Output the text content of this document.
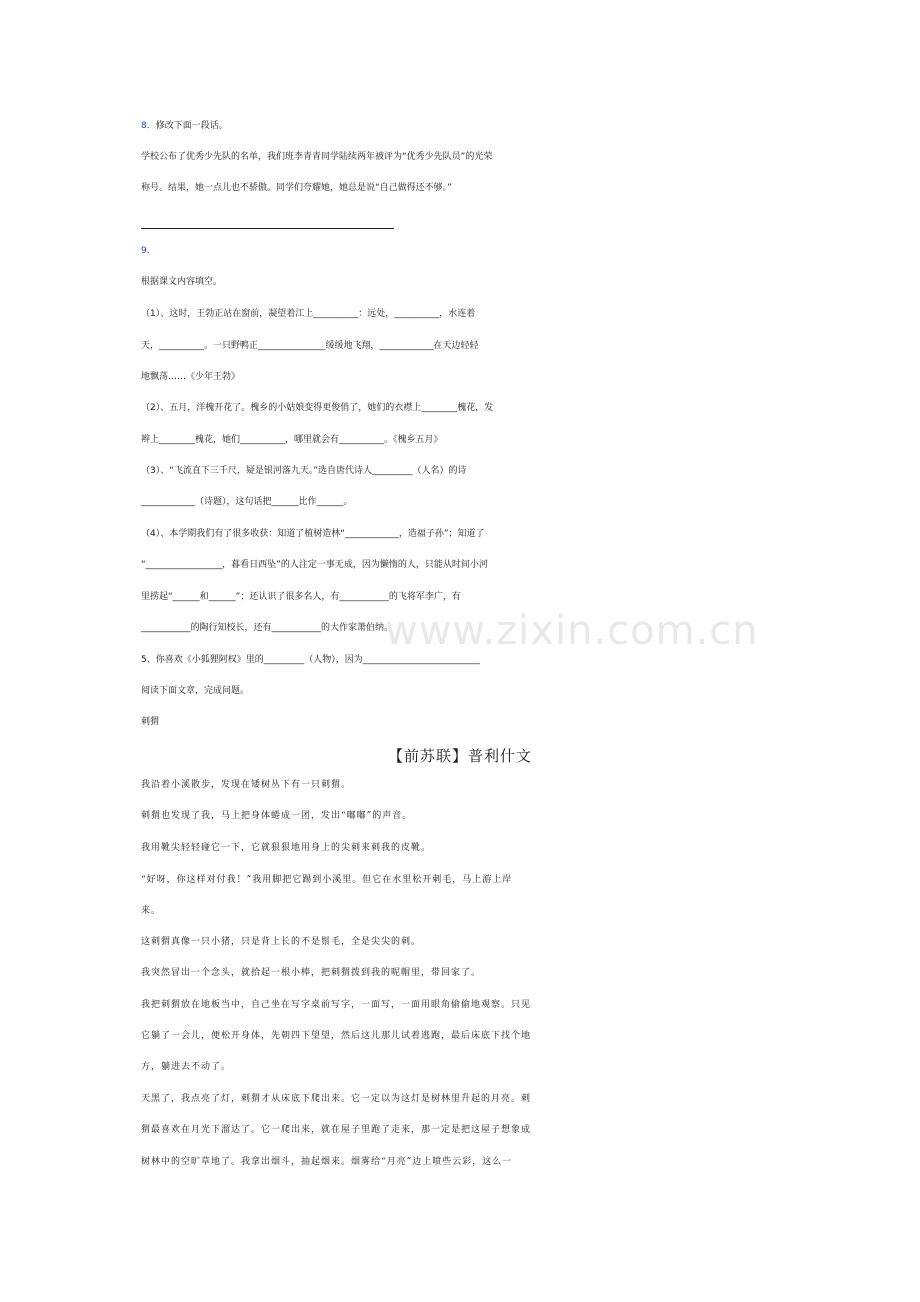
8．修改下面一段话。
学校公布了优秀少先队的名单，我们班李青青同学陆续两年被评为“优秀少先队员”的光荣
称号。结果，她一点儿也不骄傲。同学们夸耀她，她总是说“自己做得还不够。”
9．
根据课文内容填空。
（1）、这时，王勃正站在窗前，凝望着江上__________：远处，__________，水连着
天，__________。一只野鸭正_______________缓缓地飞翔，____________在天边轻轻
地飘荡……《少年王勃》
（2）、五月，洋槐开花了。槐乡的小姑娘变得更俊俏了，她们的衣襟上________槐花，发
辫上________槐花，她们__________，哪里就会有__________。《槐乡五月》
（3）、“飞流直下三千尺，疑是银河落九天。”选自唐代诗人_________（人名）的诗
____________（诗题），这句话把______比作______。
（4）、本学期我们有了很多收获：知道了植树造林“____________，造福子孙”；知道了
“_________________，暮看日西坠”的人注定一事无成，因为懒惰的人，只能从时间小河
里捞起“______和______”；还认识了很多名人，有___________的飞将军李广，有
___________的陶行知校长，还有___________的大作家萧伯纳。
5、你喜欢《小狐狸阿权》里的_________（人物），因为__________________________
阅读下面文章，完成问题。
刺猬
【前苏联】普利什文
我沿着小溪散步，发现在矮树丛下有一只刺猬。
刺猬也发现了我，马上把身体蜷成一团，发出“嘟嘟”的声音。
我用靴尖轻轻碰它一下，它就狠狠地用身上的尖刺来刺我的皮靴。
“好呀，你这样对付我！”我用脚把它踢到小溪里。但它在水里松开刺毛，马上游上岸
来。
这刺猬真像一只小猪，只是背上长的不是鬃毛，全是尖尖的刺。
我突然冒出一个念头，就拾起一根小棒，把刺猬拨到我的呢帽里，带回家了。
我把刺猬放在地板当中，自己坐在写字桌前写字，一面写，一面用眼角偷偷地观察。只见
它躺了一会儿，便松开身体，先朝四下望望，然后这儿那儿试着逃跑，最后床底下找个地
方，躺进去不动了。
天黑了，我点亮了灯，刺猬才从床底下爬出来。它一定以为这灯是树林里升起的月亮。刺
猬最喜欢在月光下溜达了。它一爬出来，就在屋子里跑了走来，那一定是把这屋子想象成
树林中的空旷草地了。我拿出烟斗，抽起烟来。烟雾给“月亮”边上喷些云彩，这么一
www.zixin.com.cn
